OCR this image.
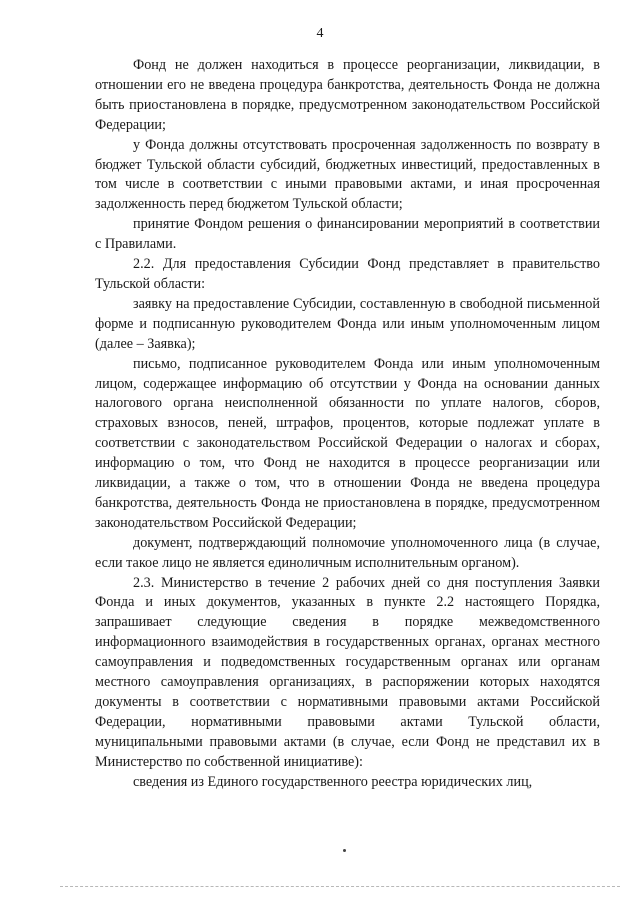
4

Фонд не должен находиться в процессе реорганизации, ликвидации, в отношении его не введена процедура банкротства, деятельность Фонда не должна быть приостановлена в порядке, предусмотренном законодательством Российской Федерации;

у Фонда должны отсутствовать просроченная задолженность по возврату в бюджет Тульской области субсидий, бюджетных инвестиций, предоставленных в том числе в соответствии с иными правовыми актами, и иная просроченная задолженность перед бюджетом Тульской области;

принятие Фондом решения о финансировании мероприятий в соответствии с Правилами.

2.2. Для предоставления Субсидии Фонд представляет в правительство Тульской области:

заявку на предоставление Субсидии, составленную в свободной письменной форме и подписанную руководителем Фонда или иным уполномоченным лицом (далее – Заявка);

письмо, подписанное руководителем Фонда или иным уполномоченным лицом, содержащее информацию об отсутствии у Фонда на основании данных налогового органа неисполненной обязанности по уплате налогов, сборов, страховых взносов, пеней, штрафов, процентов, которые подлежат уплате в соответствии с законодательством Российской Федерации о налогах и сборах, информацию о том, что Фонд не находится в процессе реорганизации или ликвидации, а также о том, что в отношении Фонда не введена процедура банкротства, деятельность Фонда не приостановлена в порядке, предусмотренном законодательством Российской Федерации;

документ, подтверждающий полномочие уполномоченного лица (в случае, если такое лицо не является единоличным исполнительным органом).

2.3. Министерство в течение 2 рабочих дней со дня поступления Заявки Фонда и иных документов, указанных в пункте 2.2 настоящего Порядка, запрашивает следующие сведения в порядке межведомственного информационного взаимодействия в государственных органах, органах местного самоуправления и подведомственных государственным органах или органам местного самоуправления организациях, в распоряжении которых находятся документы в соответствии с нормативными правовыми актами Российской Федерации, нормативными правовыми актами Тульской области, муниципальными правовыми актами (в случае, если Фонд не представил их в Министерство по собственной инициативе):

сведения из Единого государственного реестра юридических лиц,
